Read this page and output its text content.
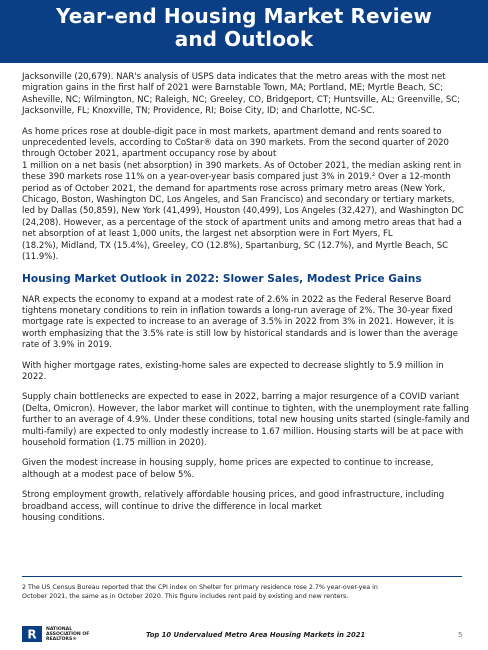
Year-end Housing Market Review
and Outlook

Jacksonville (20,679). NAR's analysis of USPS data indicates that the metro areas with the most net migration gains in the first half of 2021 were Barnstable Town, MA; Portland, ME; Myrtle Beach, SC; Asheville, NC; Wilmington, NC; Raleigh, NC; Greeley, CO, Bridgeport, CT; Huntsville, AL; Greenville, SC; Jacksonville, FL; Knoxville, TN; Providence, RI; Boise City, ID; and Charlotte, NC-SC.

As home prices rose at double-digit pace in most markets, apartment demand and rents soared to unprecedented levels, according to CoStar® data on 390 markets. From the second quarter of 2020 through October 2021, apartment occupancy rose by about
1 million on a net basis (net absorption) in 390 markets. As of October 2021, the median asking rent in these 390 markets rose 11% on a year-over-year basis compared just 3% in 2019.² Over a 12-month period as of October 2021, the demand for apartments rose across primary metro areas (New York, Chicago, Boston, Washington DC, Los Angeles, and San Francisco) and secondary or tertiary markets, led by Dallas (50,859), New York (41,499), Houston (40,499), Los Angeles (32,427), and Washington DC (24,208). However, as a percentage of the stock of apartment units and among metro areas that had a net absorption of at least 1,000 units, the largest net absorption were in Fort Myers, FL
(18.2%), Midland, TX (15.4%), Greeley, CO (12.8%), Spartanburg, SC (12.7%), and Myrtle Beach, SC (11.9%).

Housing Market Outlook in 2022: Slower Sales, Modest Price Gains

NAR expects the economy to expand at a modest rate of 2.6% in 2022 as the Federal Reserve Board tightens monetary conditions to rein in inflation towards a long-run average of 2%. The 30-year fixed mortgage rate is expected to increase to an average of 3.5% in 2022 from 3% in 2021. However, it is worth emphasizing that the 3.5% rate is still low by historical standards and is lower than the average rate of 3.9% in 2019.

With higher mortgage rates, existing-home sales are expected to decrease slightly to 5.9 million in 2022.

Supply chain bottlenecks are expected to ease in 2022, barring a major resurgence of a COVID variant (Delta, Omicron). However, the labor market will continue to tighten, with the unemployment rate falling further to an average of 4.9%. Under these conditions, total new housing units started (single-family and multi-family) are expected to only modestly increase to 1.67 million. Housing starts will be at pace with household formation (1.75 million in 2020).

Given the modest increase in housing supply, home prices are expected to continue to increase, although at a modest pace of below 5%.

Strong employment growth, relatively affordable housing prices, and good infrastructure, including broadband access, will continue to drive the difference in local market
housing conditions.

2 The US Census Bureau reported that the CPI index on Shelter for primary residence rose 2.7% year-over-yea in
October 2021, the same as in October 2020. This figure includes rent paid by existing and new renters.
R NATIONAL
ASSOCIATION OF
REALTORS®	Top 10 Undervalued Metro Area Housing Markets in 2021	5
